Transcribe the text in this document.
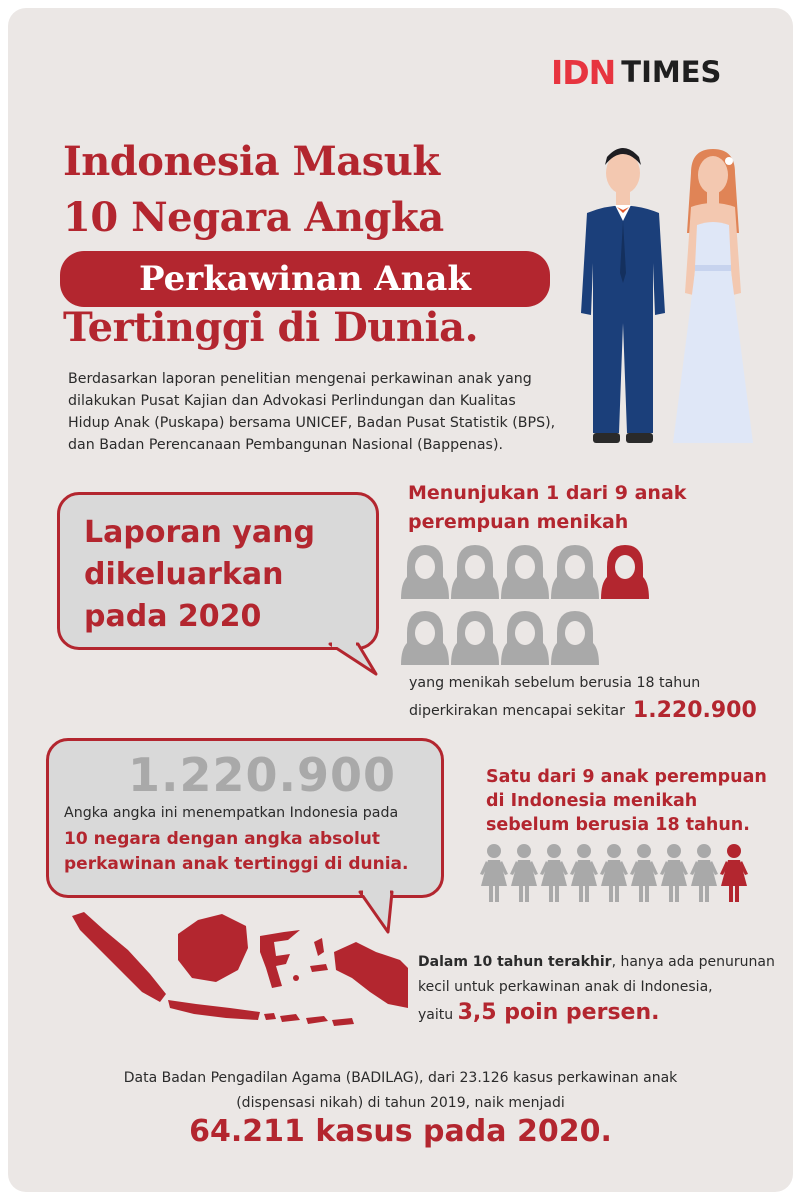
IDN TIMES
Indonesia Masuk
10 Negara Angka
Perkawinan Anak
Tertinggi di Dunia.
Berdasarkan laporan penelitian mengenai perkawinan anak yang
dilakukan Pusat Kajian dan Advokasi Perlindungan dan Kualitas
Hidup Anak (Puskapa) bersama UNICEF, Badan Pusat Statistik (BPS),
dan Badan Perencanaan Pembangunan Nasional (Bappenas).
Laporan yang
dikeluarkan
pada 2020
Menunjukan 1 dari 9 anak
perempuan menikah
yang menikah sebelum berusia 18 tahun
diperkirakan mencapai sekitar 1.220.900
1.220.900
Angka angka ini menempatkan Indonesia pada
10 negara dengan angka absolut
perkawinan anak tertinggi di dunia.
Satu dari 9 anak perempuan
di Indonesia menikah
sebelum berusia 18 tahun.
Dalam 10 tahun terakhir, hanya ada penurunan
kecil untuk perkawinan anak di Indonesia,
yaitu 3,5 poin persen.
Data Badan Pengadilan Agama (BADILAG), dari 23.126 kasus perkawinan anak
(dispensasi nikah) di tahun 2019, naik menjadi
64.211 kasus pada 2020.
